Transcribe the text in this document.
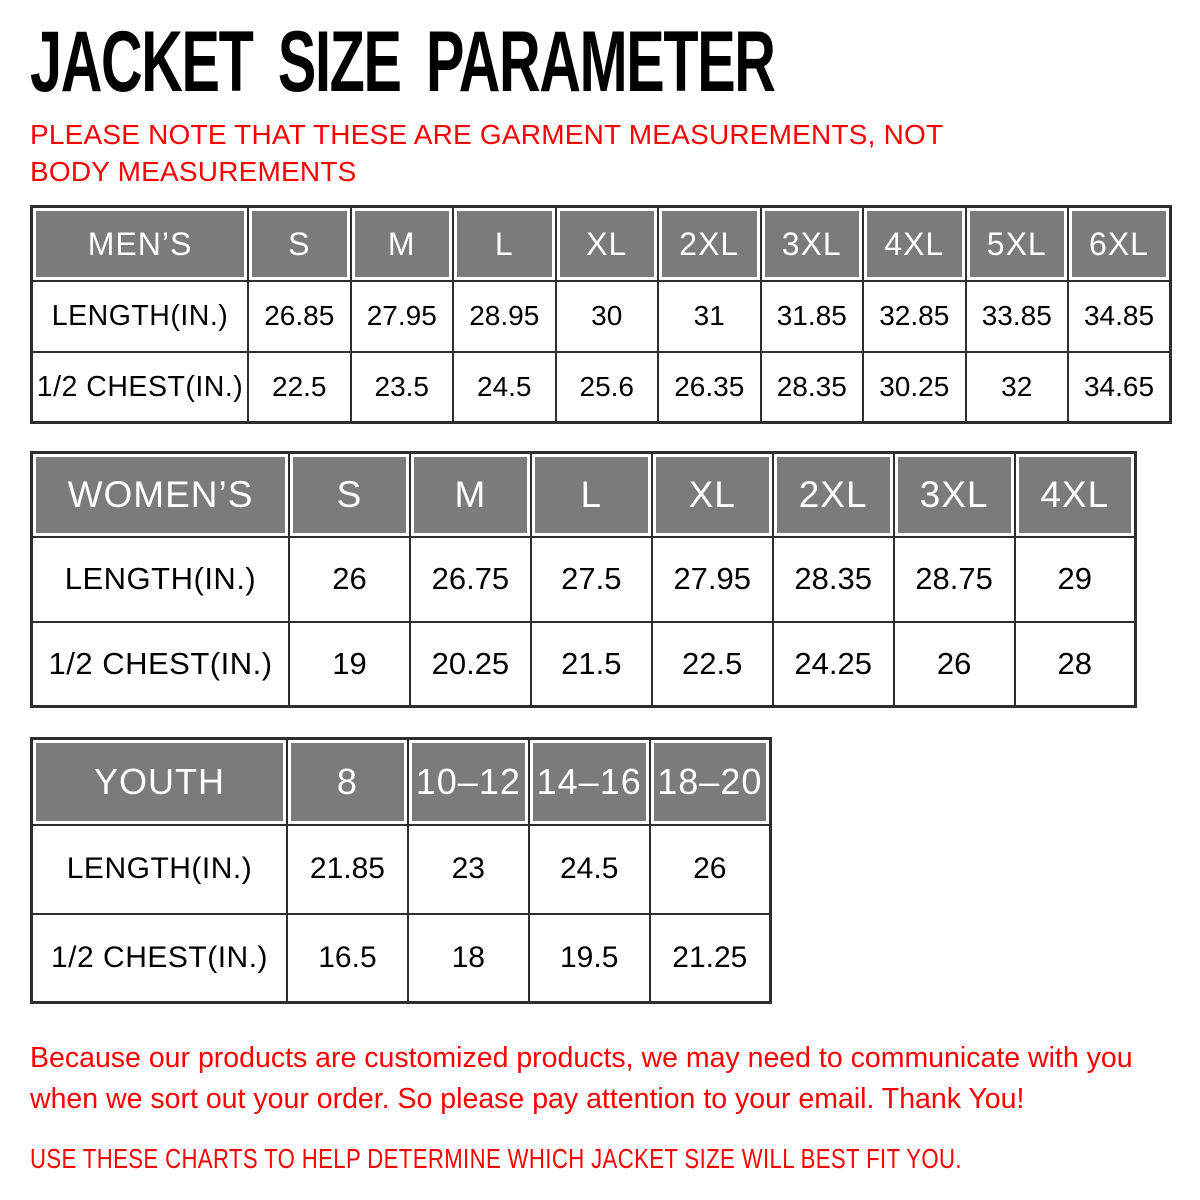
JACKET SIZE PARAMETER

PLEASE NOTE THAT THESE ARE GARMENT MEASUREMENTS, NOT BODY MEASUREMENTS

MEN’S	S	M	L	XL	2XL	3XL	4XL	5XL	6XL
LENGTH(IN.)	26.85	27.95	28.95	30	31	31.85	32.85	33.85	34.85
1/2 CHEST(IN.)	22.5	23.5	24.5	25.6	26.35	28.35	30.25	32	34.65
WOMEN’S	S	M	L	XL	2XL	3XL	4XL
LENGTH(IN.)	26	26.75	27.5	27.95	28.35	28.75	29
1/2 CHEST(IN.)	19	20.25	21.5	22.5	24.25	26	28
YOUTH	8	10–12	14–16	18–20
LENGTH(IN.)	21.85	23	24.5	26
1/2 CHEST(IN.)	16.5	18	19.5	21.25

Because our products are customized products, we may need to communicate with you when we sort out your order. So please pay attention to your email. Thank You!

USE THESE CHARTS TO HELP DETERMINE WHICH JACKET SIZE WILL BEST FIT YOU.
